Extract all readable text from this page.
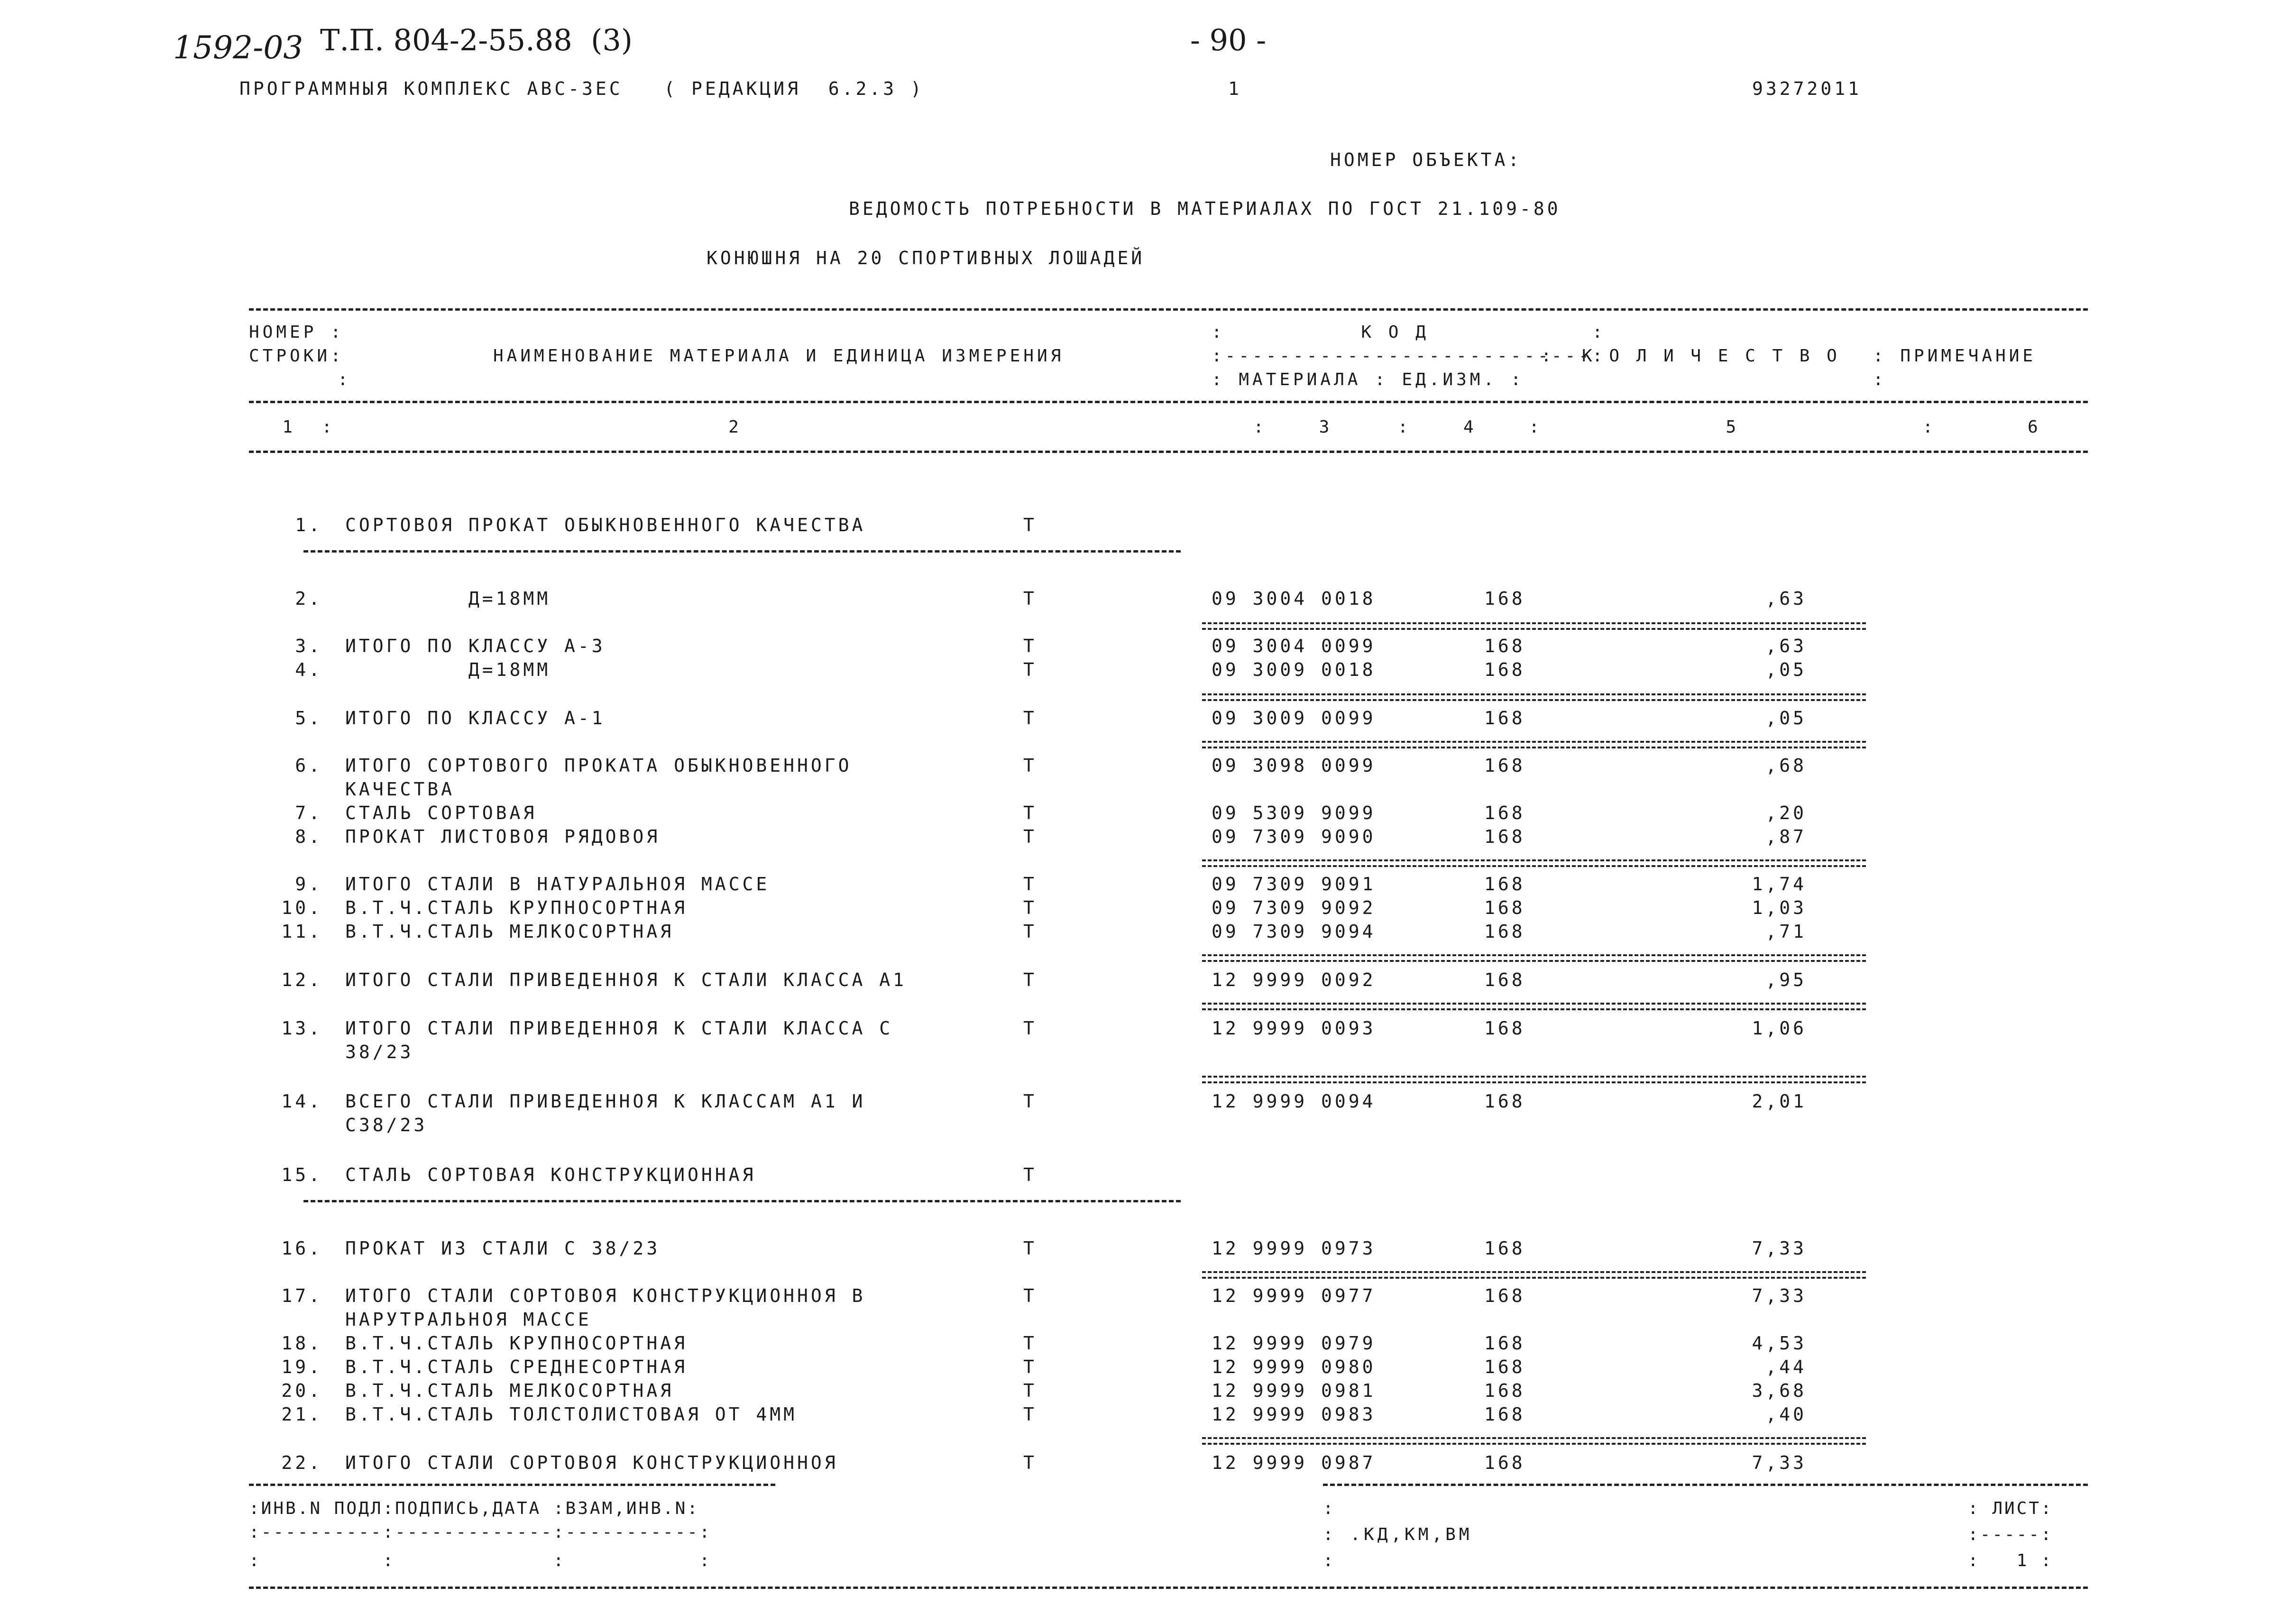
1592-03 Т.П. 804-2-55.88  (3)	- 90 -
ПРОГРАММНЫЯ КОМПЛЕКС АВС-3ЕС   ( РЕДАКЦИЯ  6.2.3 )	1	93272011
НОМЕР ОБЪЕКТА:
ВЕДОМОСТЬ ПОТРЕБНОСТИ В МАТЕРИАЛАХ ПО ГОСТ 21.109-80
КОНЮШНЯ НА 20 СПОРТИВНЫХ ЛОШАДЕЙ
НОМЕР :
СТРОКИ:
:
НАИМЕНОВАНИЕ МАТЕРИАЛА И ЕДИНИЦА ИЗМЕРЕНИЯ
:          К О Д            :
:---------------------------:
: МАТЕРИАЛА : ЕД.ИЗМ. :
:  К О Л И Ч Е С Т В О : ПРИМЕЧАНИЕ
:
1  :                              2                                       :    3     :    4    :              5              :       6
1. СОРТОВОЯ ПРОКАТ ОБЫКНОВЕННОГО КАЧЕСТВА	Т
2. Д=18ММ	Т	09 3004 0018	168	,63
3. ИТОГО ПО КЛАССУ А-3	Т	09 3004 0099	168	,63
4. Д=18ММ	Т	09 3009 0018	168	,05
5. ИТОГО ПО КЛАССУ А-1	Т	09 3009 0099	168	,05
6. ИТОГО СОРТОВОГО ПРОКАТА ОБЫКНОВЕННОГО
КАЧЕСТВА
Т	09 3098 0099	168	,68
7. СТАЛЬ СОРТОВАЯ	Т	09 5309 9099	168	,20
8. ПРОКАТ ЛИСТОВОЯ РЯДОВОЯ	Т	09 7309 9090	168	,87
9. ИТОГО СТАЛИ В НАТУРАЛЬНОЯ МАССЕ	Т	09 7309 9091	168	1,74
10. В.Т.Ч.СТАЛЬ КРУПНОСОРТНАЯ	Т	09 7309 9092	168	1,03
11. В.Т.Ч.СТАЛЬ МЕЛКОСОРТНАЯ	Т	09 7309 9094	168	,71
12. ИТОГО СТАЛИ ПРИВЕДЕННОЯ К СТАЛИ КЛАССА А1	Т	12 9999 0092	168	,95
13. ИТОГО СТАЛИ ПРИВЕДЕННОЯ К СТАЛИ КЛАССА С
38/23
Т	12 9999 0093	168	1,06
14. ВСЕГО СТАЛИ ПРИВЕДЕННОЯ К КЛАССАМ А1 И
С38/23
Т	12 9999 0094	168	2,01
15. СТАЛЬ СОРТОВАЯ КОНСТРУКЦИОННАЯ	Т
16. ПРОКАТ ИЗ СТАЛИ С 38/23	Т	12 9999 0973	168	7,33
17. ИТОГО СТАЛИ СОРТОВОЯ КОНСТРУКЦИОННОЯ В
НАРУТРАЛЬНОЯ МАССЕ
Т	12 9999 0977	168	7,33
18. В.Т.Ч.СТАЛЬ КРУПНОСОРТНАЯ	Т	12 9999 0979	168	4,53
19. В.Т.Ч.СТАЛЬ СРЕДНЕСОРТНАЯ	Т	12 9999 0980	168	,44
20. В.Т.Ч.СТАЛЬ МЕЛКОСОРТНАЯ	Т	12 9999 0981	168	3,68
21. В.Т.Ч.СТАЛЬ ТОЛСТОЛИСТОВАЯ ОТ 4ММ	Т	12 9999 0983	168	,40
22. ИТОГО СТАЛИ СОРТОВОЯ КОНСТРУКЦИОННОЯ	Т	12 9999 0987	168	7,33
:ИНВ.N ПОДЛ:ПОДПИСЬ,ДАТА :ВЗАМ,ИНВ.N:
:----------:-------------:-----------:
:          :             :           :
:
: .КД,КМ,ВМ
:
: ЛИСТ:
:-----:
:   1 :
